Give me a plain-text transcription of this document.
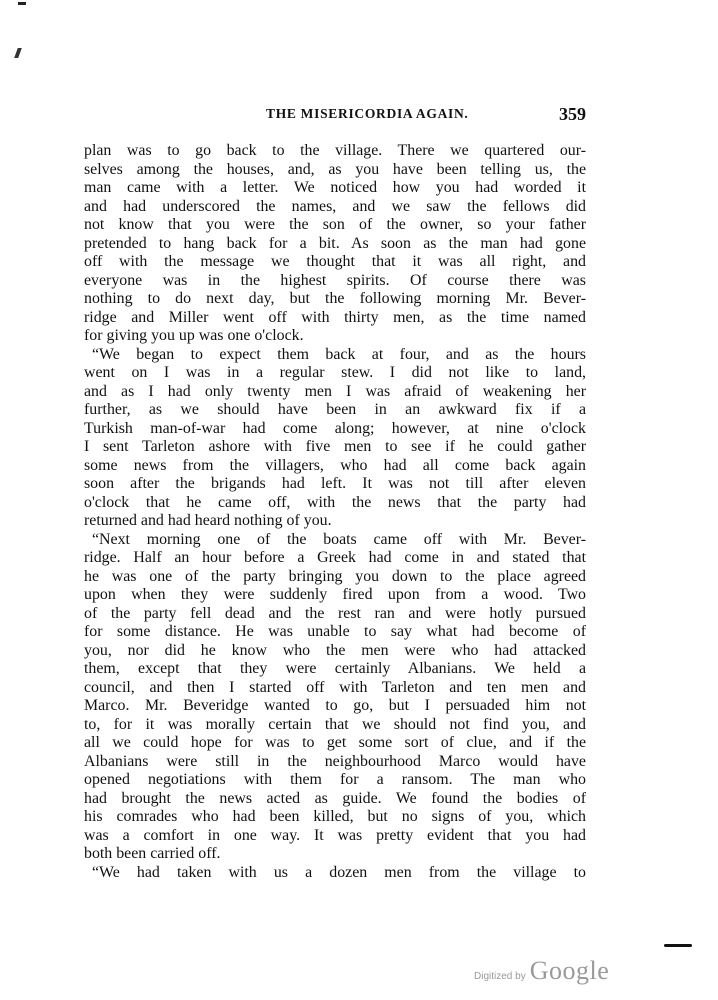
THE MISERICORDIA AGAIN.	359
plan was to go back to the village. There we quartered our-
selves among the houses, and, as you have been telling us, the
man came with a letter. We noticed how you had worded it
and had underscored the names, and we saw the fellows did
not know that you were the son of the owner, so your father
pretended to hang back for a bit. As soon as the man had gone
off with the message we thought that it was all right, and
everyone was in the highest spirits. Of course there was
nothing to do next day, but the following morning Mr. Bever-
ridge and Miller went off with thirty men, as the time named
for giving you up was one o'clock.
“We began to expect them back at four, and as the hours
went on I was in a regular stew. I did not like to land,
and as I had only twenty men I was afraid of weakening her
further, as we should have been in an awkward fix if a
Turkish man-of-war had come along; however, at nine o'clock
I sent Tarleton ashore with five men to see if he could gather
some news from the villagers, who had all come back again
soon after the brigands had left. It was not till after eleven
o'clock that he came off, with the news that the party had
returned and had heard nothing of you.
“Next morning one of the boats came off with Mr. Bever-
ridge. Half an hour before a Greek had come in and stated that
he was one of the party bringing you down to the place agreed
upon when they were suddenly fired upon from a wood. Two
of the party fell dead and the rest ran and were hotly pursued
for some distance. He was unable to say what had become of
you, nor did he know who the men were who had attacked
them, except that they were certainly Albanians. We held a
council, and then I started off with Tarleton and ten men and
Marco. Mr. Beveridge wanted to go, but I persuaded him not
to, for it was morally certain that we should not find you, and
all we could hope for was to get some sort of clue, and if the
Albanians were still in the neighbourhood Marco would have
opened negotiations with them for a ransom. The man who
had brought the news acted as guide. We found the bodies of
his comrades who had been killed, but no signs of you, which
was a comfort in one way. It was pretty evident that you had
both been carried off.
“We had taken with us a dozen men from the village to
Digitized by Google
